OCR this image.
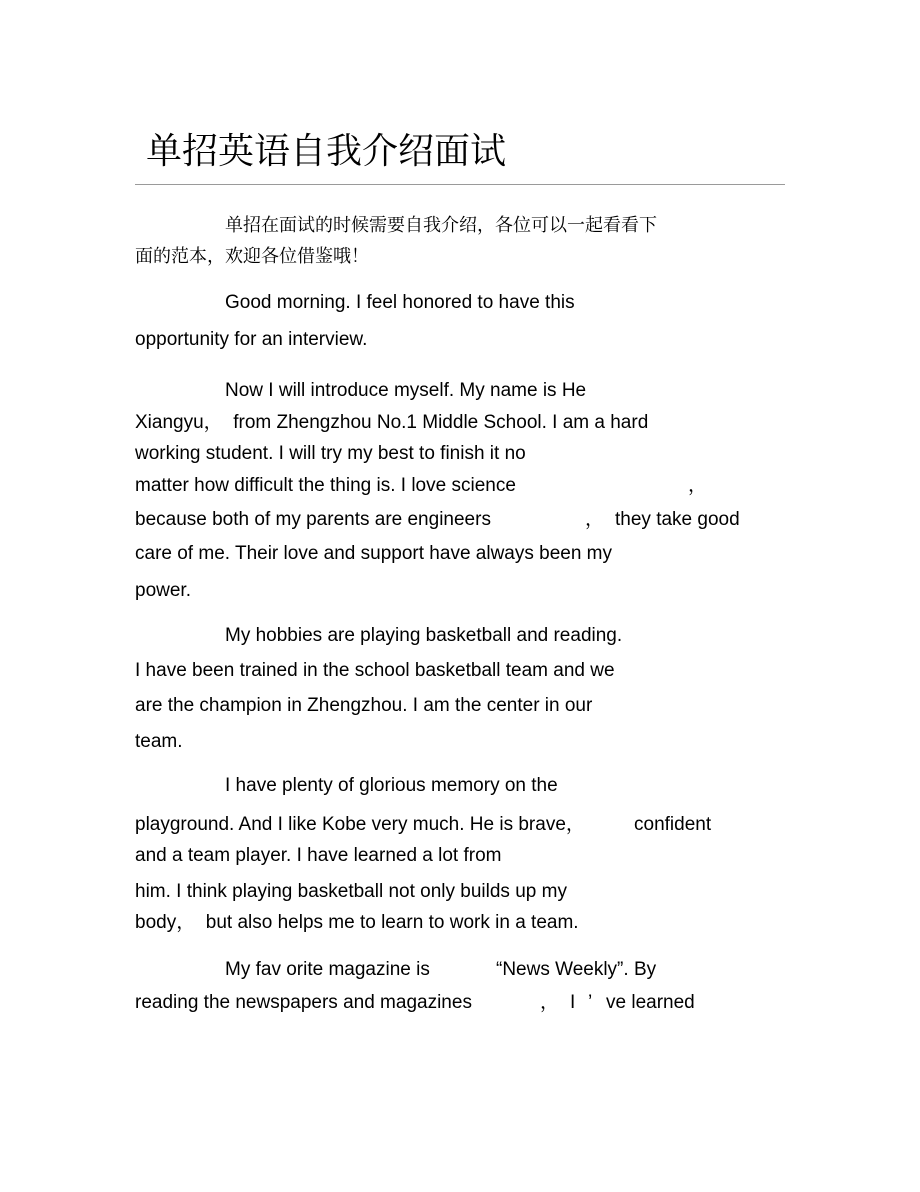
单招英语自我介绍面试
单招在面试的时候需要自我介绍，各位可以一起看看下
面的范本，欢迎各位借鉴哦！
Good morning. I feel honored to have this
opportunity for an interview.
Now I will introduce myself. My name is He
Xiangyu，  from Zhengzhou No.1 Middle School. I am a hard
working student. I will try my best to finish it no
matter how difficult the thing is. I love science	，
because both of my parents are engineers	， they take good
care of me. Their love and support have always been my
power.
My hobbies are playing basketball and reading.
I have been trained in the school basketball team and we
are the champion in Zhengzhou. I am the center in our
team.
I have plenty of glorious memory on the
playground. And I like Kobe very much. He is brave，	confident
and a team player. I have learned a lot from
him. I think playing basketball not only builds up my
body，  but also helps me to learn to work in a team.
My fav orite magazine is	“News Weekly”. By
reading the newspapers and magazines	， I ’ ve learned
